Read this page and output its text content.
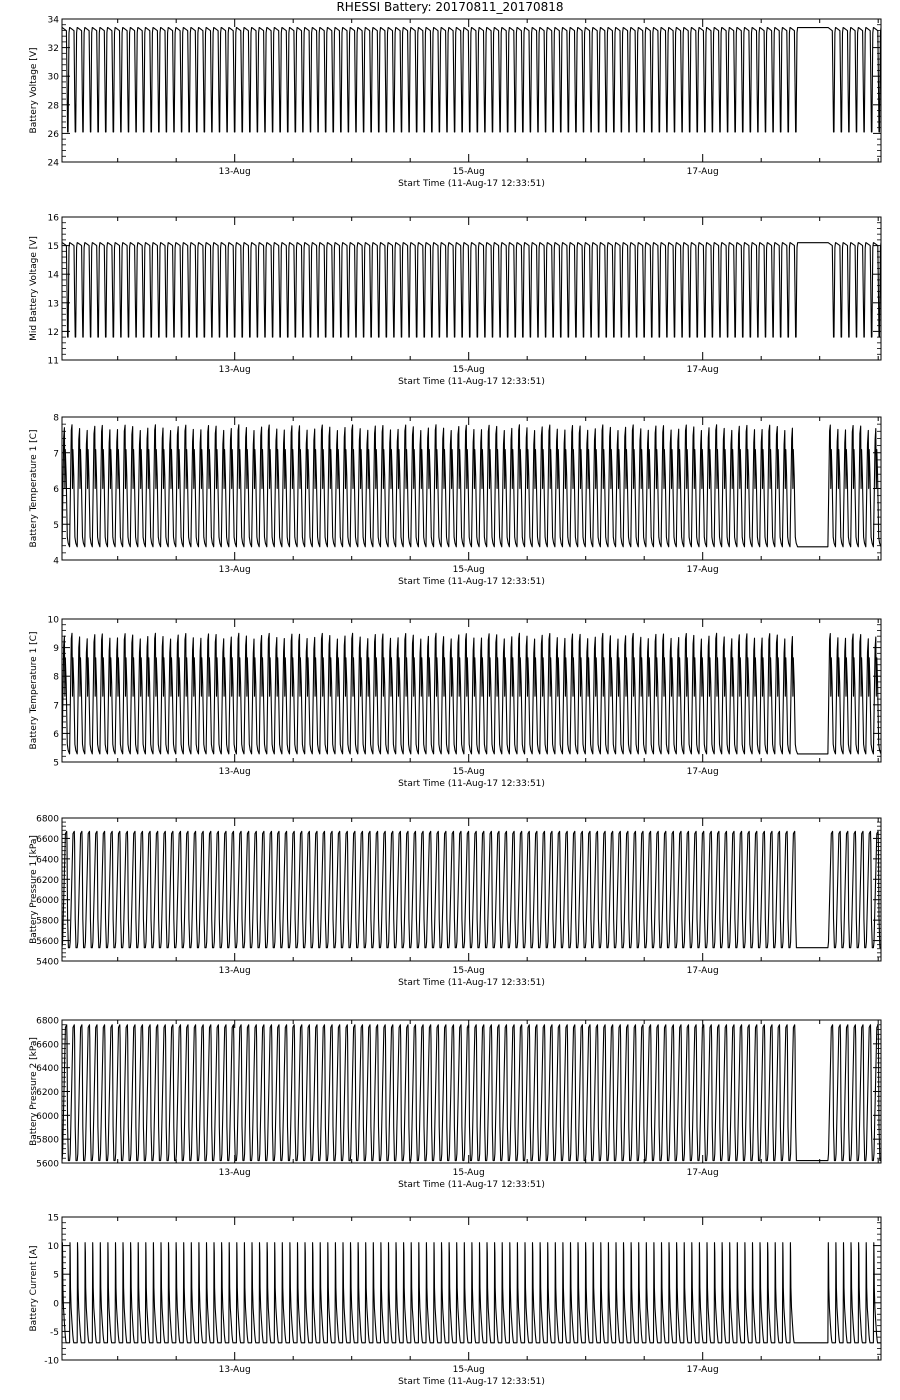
RHESSI Battery: 20170811_20170818
24
26
28
30
32
34
13-Aug	15-Aug	17-Aug
Start Time (11-Aug-17 12:33:51)
Battery Voltage [V]
11
12
13
14
15
16
13-Aug	15-Aug	17-Aug
Start Time (11-Aug-17 12:33:51)
Mid Battery Voltage [V]
4
5
6
7
8
13-Aug	15-Aug	17-Aug
Start Time (11-Aug-17 12:33:51)
Battery Temperature 1 [C]
5
6
7
8
9
10
13-Aug	15-Aug	17-Aug
Start Time (11-Aug-17 12:33:51)
Battery Temperature 1 [C]
5400
5600
5800
6000
6200
6400
6600
6800
13-Aug	15-Aug	17-Aug
Start Time (11-Aug-17 12:33:51)
Battery Pressure 1 [kPa]
5600
5800
6000
6200
6400
6600
6800
13-Aug	15-Aug	17-Aug
Start Time (11-Aug-17 12:33:51)
Battery Pressure 2 [kPa]
-10
-5
0
5
10
15
13-Aug	15-Aug	17-Aug
Start Time (11-Aug-17 12:33:51)
Battery Current [A]
